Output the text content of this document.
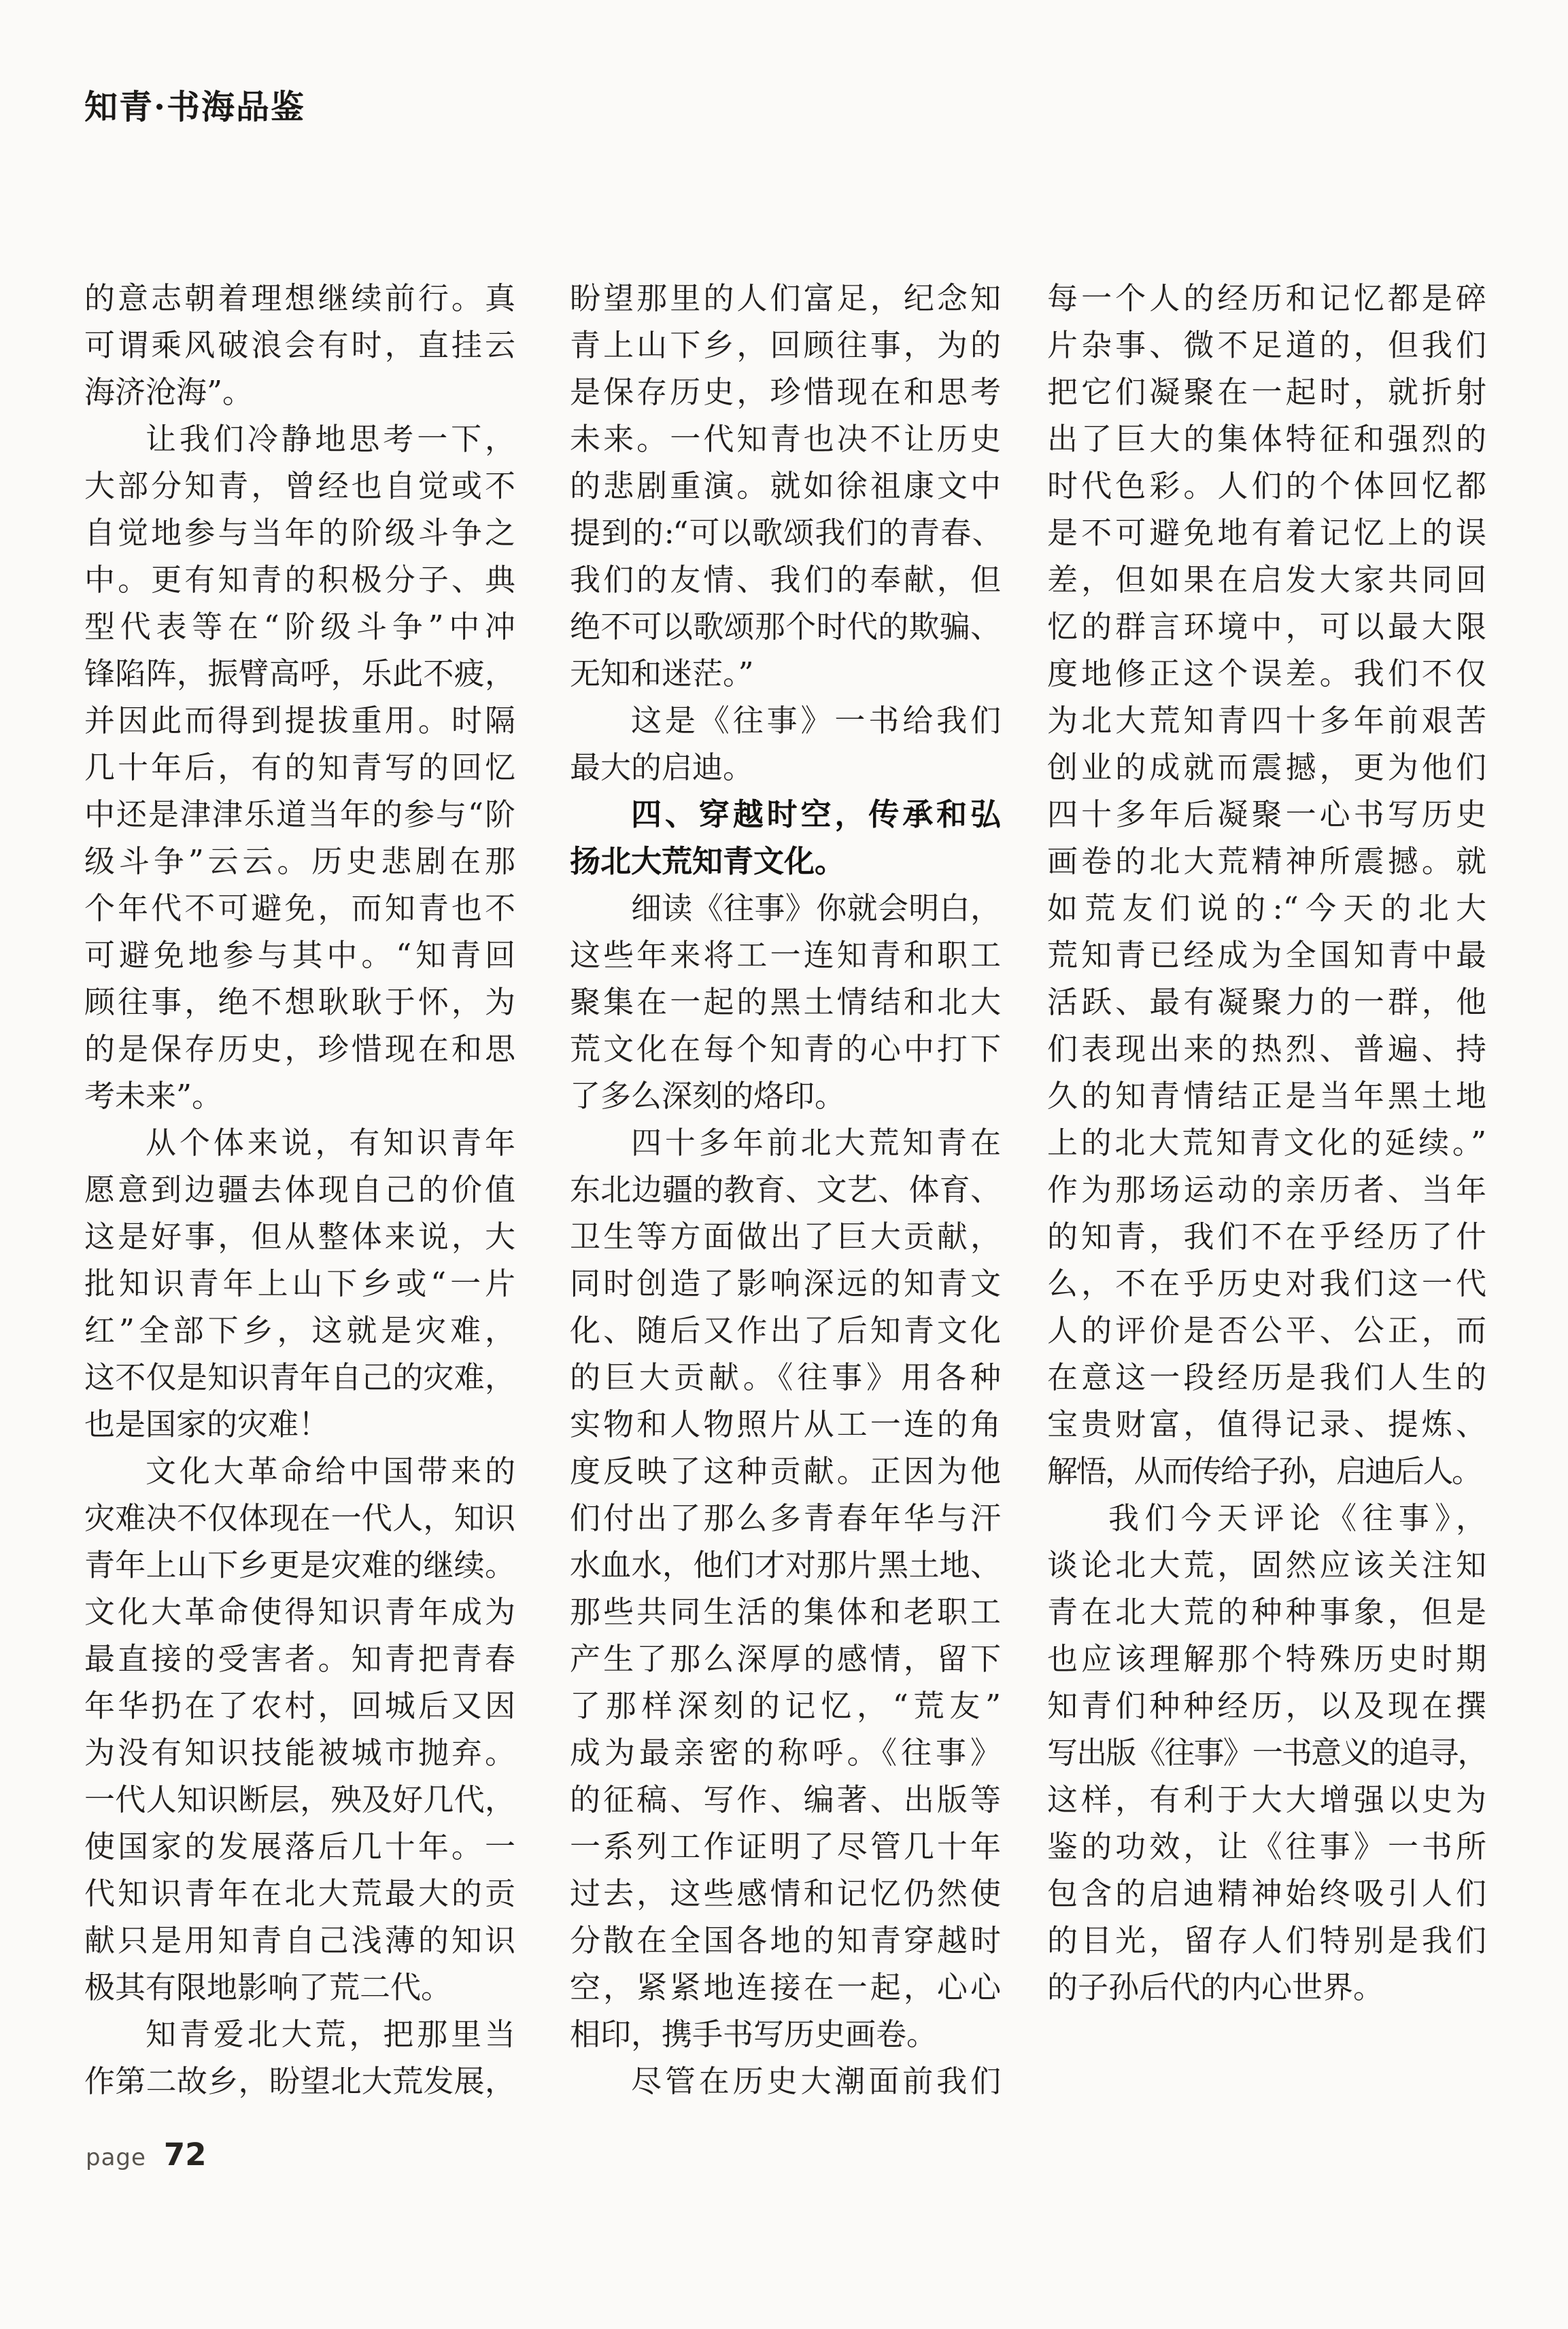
知青·书海品鉴
的意志朝着理想继续前行。真
可谓乘风破浪会有时，直挂云
海济沧海”。
让我们冷静地思考一下，
大部分知青，曾经也自觉或不
自觉地参与当年的阶级斗争之
中。更有知青的积极分子、典
型代表等在“阶级斗争”中冲
锋陷阵，振臂高呼，乐此不疲，
并因此而得到提拔重用。时隔
几十年后，有的知青写的回忆
中还是津津乐道当年的参与“阶
级斗争”云云。历史悲剧在那
个年代不可避免，而知青也不
可避免地参与其中。“知青回
顾往事，绝不想耿耿于怀，为
的是保存历史，珍惜现在和思
考未来”。
从个体来说，有知识青年
愿意到边疆去体现自己的价值
这是好事，但从整体来说，大
批知识青年上山下乡或“一片
红”全部下乡，这就是灾难，
这不仅是知识青年自己的灾难，
也是国家的灾难！
文化大革命给中国带来的
灾难决不仅体现在一代人，知识
青年上山下乡更是灾难的继续。
文化大革命使得知识青年成为
最直接的受害者。知青把青春
年华扔在了农村，回城后又因
为没有知识技能被城市抛弃。
一代人知识断层，殃及好几代，
使国家的发展落后几十年。一
代知识青年在北大荒最大的贡
献只是用知青自己浅薄的知识
极其有限地影响了荒二代。
知青爱北大荒，把那里当
作第二故乡，盼望北大荒发展，
盼望那里的人们富足，纪念知
青上山下乡，回顾往事，为的
是保存历史，珍惜现在和思考
未来。一代知青也决不让历史
的悲剧重演。就如徐祖康文中
提到的:“可以歌颂我们的青春、
我们的友情、我们的奉献，但
绝不可以歌颂那个时代的欺骗、
无知和迷茫。”
这是《往事》一书给我们
最大的启迪。
四、穿越时空，传承和弘
扬北大荒知青文化。
细读《往事》你就会明白，
这些年来将工一连知青和职工
聚集在一起的黑土情结和北大
荒文化在每个知青的心中打下
了多么深刻的烙印。
四十多年前北大荒知青在
东北边疆的教育、文艺、体育、
卫生等方面做出了巨大贡献，
同时创造了影响深远的知青文
化、随后又作出了后知青文化
的巨大贡献。《往事》用各种
实物和人物照片从工一连的角
度反映了这种贡献。正因为他
们付出了那么多青春年华与汗
水血水，他们才对那片黑土地、
那些共同生活的集体和老职工
产生了那么深厚的感情，留下
了那样深刻的记忆，“荒友”
成为最亲密的称呼。《往事》
的征稿、写作、编著、出版等
一系列工作证明了尽管几十年
过去，这些感情和记忆仍然使
分散在全国各地的知青穿越时
空，紧紧地连接在一起，心心
相印，携手书写历史画卷。
尽管在历史大潮面前我们
每一个人的经历和记忆都是碎
片杂事、微不足道的，但我们
把它们凝聚在一起时，就折射
出了巨大的集体特征和强烈的
时代色彩。人们的个体回忆都
是不可避免地有着记忆上的误
差，但如果在启发大家共同回
忆的群言环境中，可以最大限
度地修正这个误差。我们不仅
为北大荒知青四十多年前艰苦
创业的成就而震撼，更为他们
四十多年后凝聚一心书写历史
画卷的北大荒精神所震撼。就
如荒友们说的:“今天的北大
荒知青已经成为全国知青中最
活跃、最有凝聚力的一群，他
们表现出来的热烈、普遍、持
久的知青情结正是当年黑土地
上的北大荒知青文化的延续。”
作为那场运动的亲历者、当年
的知青，我们不在乎经历了什
么，不在乎历史对我们这一代
人的评价是否公平、公正，而
在意这一段经历是我们人生的
宝贵财富，值得记录、提炼、
解悟，从而传给子孙，启迪后人。
我们今天评论《往事》，
谈论北大荒，固然应该关注知
青在北大荒的种种事象，但是
也应该理解那个特殊历史时期
知青们种种经历，以及现在撰
写出版《往事》一书意义的追寻，
这样，有利于大大增强以史为
鉴的功效，让《往事》一书所
包含的启迪精神始终吸引人们
的目光，留存人们特别是我们
的子孙后代的内心世界。
page 72
